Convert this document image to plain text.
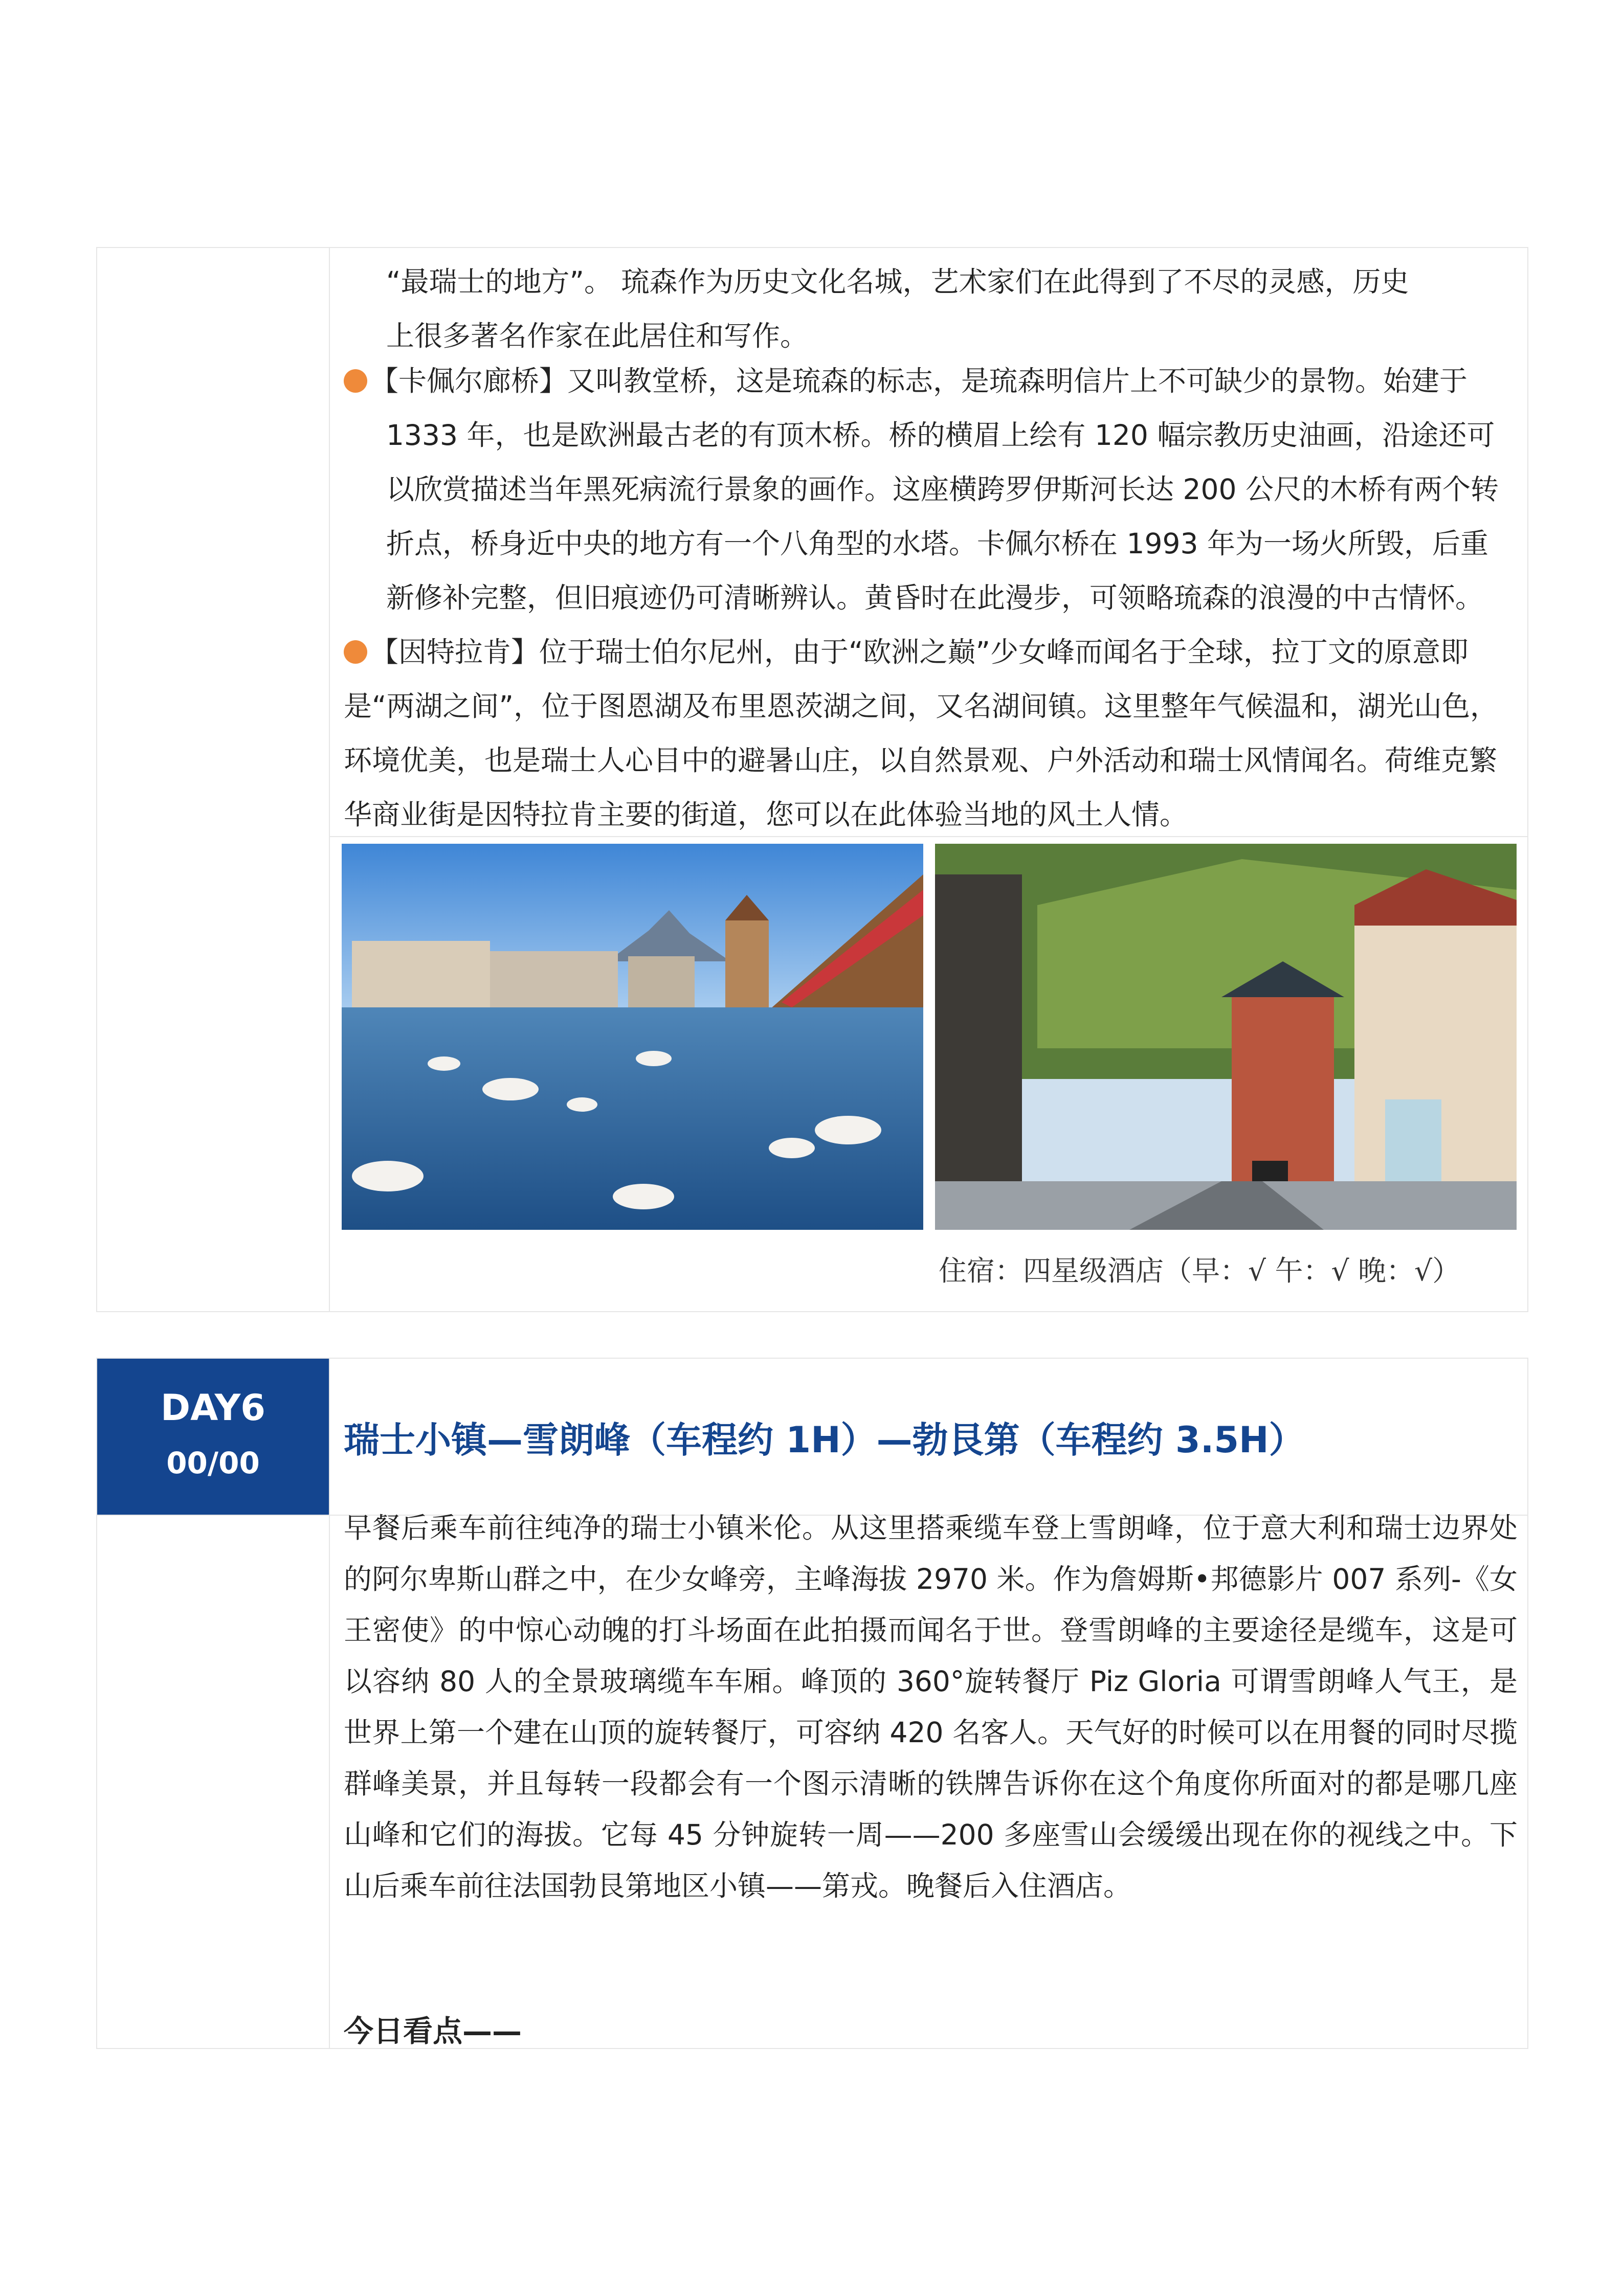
“最瑞士的地方”。 琉森作为历史文化名城，艺术家们在此得到了不尽的灵感，历史
上很多著名作家在此居住和写作。
【卡佩尔廊桥】又叫教堂桥，这是琉森的标志，是琉森明信片上不可缺少的景物。始建于
1333 年，也是欧洲最古老的有顶木桥。桥的横眉上绘有 120 幅宗教历史油画，沿途还可
以欣赏描述当年黑死病流行景象的画作。这座横跨罗伊斯河长达 200 公尺的木桥有两个转
折点，桥身近中央的地方有一个八角型的水塔。卡佩尔桥在 1993 年为一场火所毁，后重
新修补完整，但旧痕迹仍可清晰辨认。黄昏时在此漫步，可领略琉森的浪漫的中古情怀。
【因特拉肯】位于瑞士伯尔尼州，由于“欧洲之巅”少女峰而闻名于全球，拉丁文的原意即
是“两湖之间”，位于图恩湖及布里恩茨湖之间，又名湖间镇。这里整年气候温和，湖光山色，
环境优美，也是瑞士人心目中的避暑山庄，以自然景观、户外活动和瑞士风情闻名。荷维克繁
华商业街是因特拉肯主要的街道，您可以在此体验当地的风土人情。
住宿：四星级酒店（早：√ 午：√ 晚：√）
DAY6
00/00
瑞士小镇—雪朗峰（车程约 1H）—勃艮第（车程约 3.5H）

早餐后乘车前往纯净的瑞士小镇米伦。从这里搭乘缆车登上雪朗峰，位于意大利和瑞士边界处的阿尔卑斯山群之中，在少女峰旁，主峰海拔 2970 米。作为詹姆斯•邦德影片 007 系列-《女王密使》的中惊心动魄的打斗场面在此拍摄而闻名于世。登雪朗峰的主要途径是缆车，这是可以容纳 80 人的全景玻璃缆车车厢。峰顶的 360°旋转餐厅 Piz Gloria 可谓雪朗峰人气王，是世界上第一个建在山顶的旋转餐厅，可容纳 420 名客人。天气好的时候可以在用餐的同时尽揽群峰美景，并且每转一段都会有一个图示清晰的铁牌告诉你在这个角度你所面对的都是哪几座山峰和它们的海拔。它每 45 分钟旋转一周——200 多座雪山会缓缓出现在你的视线之中。下山后乘车前往法国勃艮第地区小镇——第戎。晚餐后入住酒店。

今日看点——
